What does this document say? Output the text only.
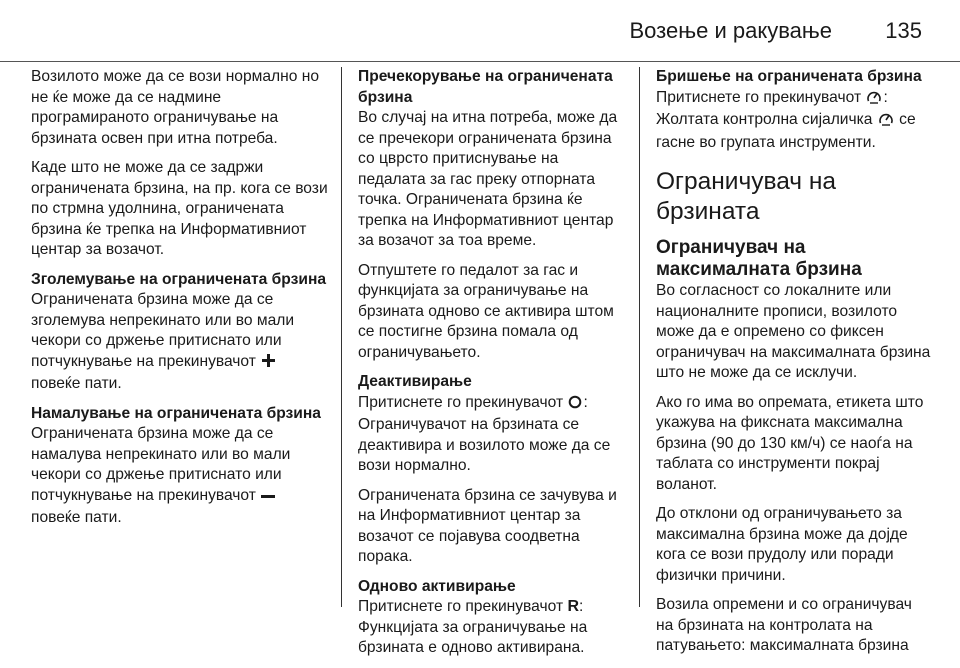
Возење и ракување 135

Возилото може да се вози нормално но не ќе може да се надмине програмираното ограничување на брзината освен при итна потреба.

Каде што не може да се задржи ограничената брзина, на пр. кога се вози по стрмна удолнина, ограничената брзина ќе трепка на Информативниот центар за возачот.

Зголемување на ограничената брзина

Ограничената брзина може да се зголемува непрекинато или во мали чекори со држење притиснато или потчукнување на прекинувачот  повеќе пати.

Намалување на ограничената брзина

Ограничената брзина може да се намалува непрекинато или во мали чекори со држење притиснато или потчукнување на прекинувачот  повеќе пати.

Пречекорување на ограничената брзина

Во случај на итна потреба, може да се пречекори ограничената брзина со цврсто притиснување на педалата за гас преку отпорната точка. Ограничената брзина ќе трепка на Информативниот центар за возачот за тоа време.

Отпуштете го педалот за гас и функцијата за ограничување на брзината одново се активира штом се постигне брзина помала од ограничувањето.

Деактивирање

Притиснете го прекинувачот : Ограничувачот на брзината се деактивира и возилото може да се вози нормално.

Ограничената брзина се зачувува и на Информативниот центар за возачот се појавува соодветна порака.

Одново активирање

Притиснете го прекинувачот R: Функцијата за ограничување на брзината е одново активирана.

Бришење на ограничената брзина

Притиснете го прекинувачот : Жолтата контролна сијаличка се гасне во групата инструменти.

Ограничувач на брзината
Ограничувач на максималната брзина

Во согласност со локалните или националните прописи, возилото може да е опремено со фиксен ограничувач на максималната брзина што не може да се исклучи.

Ако го има во опремата, етикета што укажува на фиксната максимална брзина (90 до 130 км/ч) се наоѓа на таблата со инструменти покрај воланот.

До отклони од ограничувањето за максимална брзина може да дојде кога се вози прудолу или поради физички причини.

Возила опремени и со ограничувач на брзината на контролата на патувањето: максималната брзина
